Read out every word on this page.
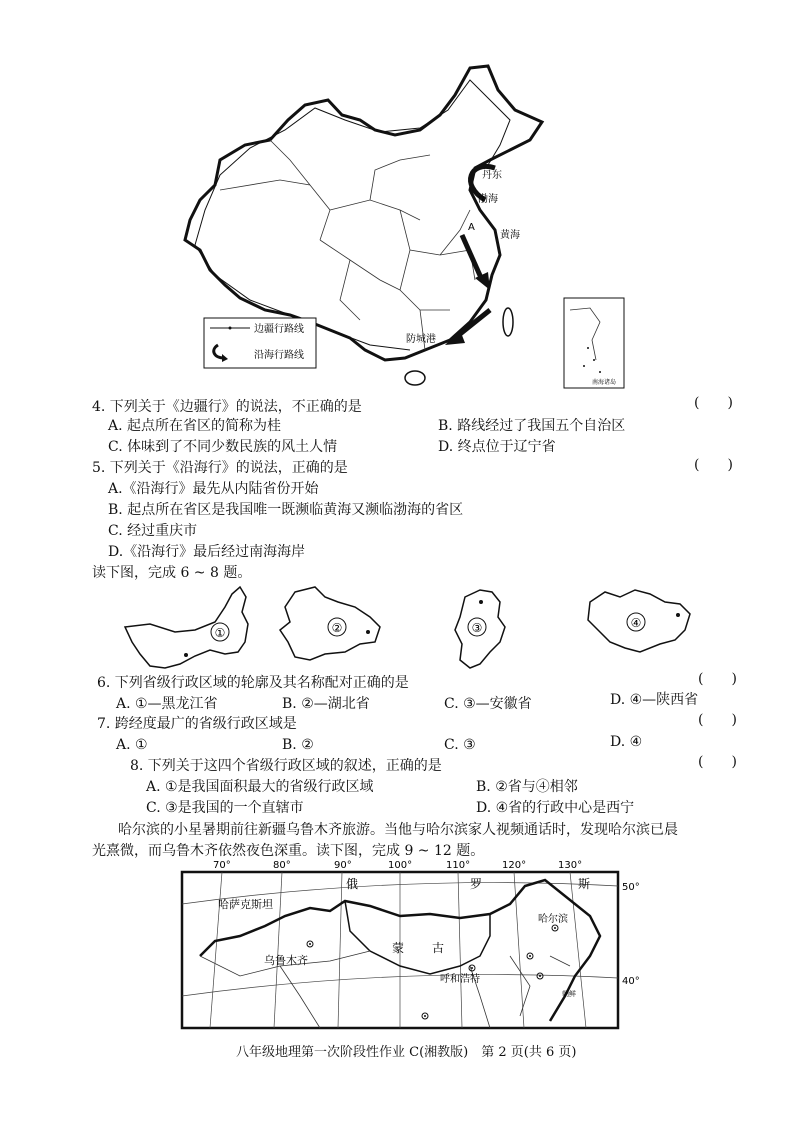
丹东
渤海
A
黄海
防城港
边疆行路线
沿海行路线
南海诸岛
4. 下列关于《边疆行》的说法，不正确的是	(　　)
A. 起点所在省区的简称为桂	B. 路线经过了我国五个自治区
C. 体味到了不同少数民族的风土人情	D. 终点位于辽宁省
5. 下列关于《沿海行》的说法，正确的是	(　　)
A.《沿海行》最先从内陆省份开始
B. 起点所在省区是我国唯一既濒临黄海又濒临渤海的省区
C. 经过重庆市
D.《沿海行》最后经过南海海岸
读下图，完成 6 ~ 8 题。
①	②	③	④
6. 下列省级行政区域的轮廓及其名称配对正确的是	(　　)
A. ①—黑龙江省	B. ②—湖北省	C. ③—安徽省	D. ④—陕西省
7. 跨经度最广的省级行政区域是	(　　)
A. ①	B. ②	C. ③	D. ④
8. 下列关于这四个省级行政区域的叙述，正确的是	(　　)
A. ①是我国面积最大的省级行政区域	B. ②省与④相邻
C. ③是我国的一个直辖市	D. ④省的行政中心是西宁
哈尔滨的小星暑期前往新疆乌鲁木齐旅游。当他与哈尔滨家人视频通话时，发现哈尔滨已晨
光熹微，而乌鲁木齐依然夜色深重。读下图，完成 9 ~ 12 题。
70°	80°	90°	100°	110°	120°	130°
50°
40°
哈萨克斯坦
俄	罗	斯
蒙 古
乌鲁木齐
哈尔滨
呼和浩特
朝鲜
八年级地理第一次阶段性作业 C(湘教版)　第 2 页(共 6 页)
